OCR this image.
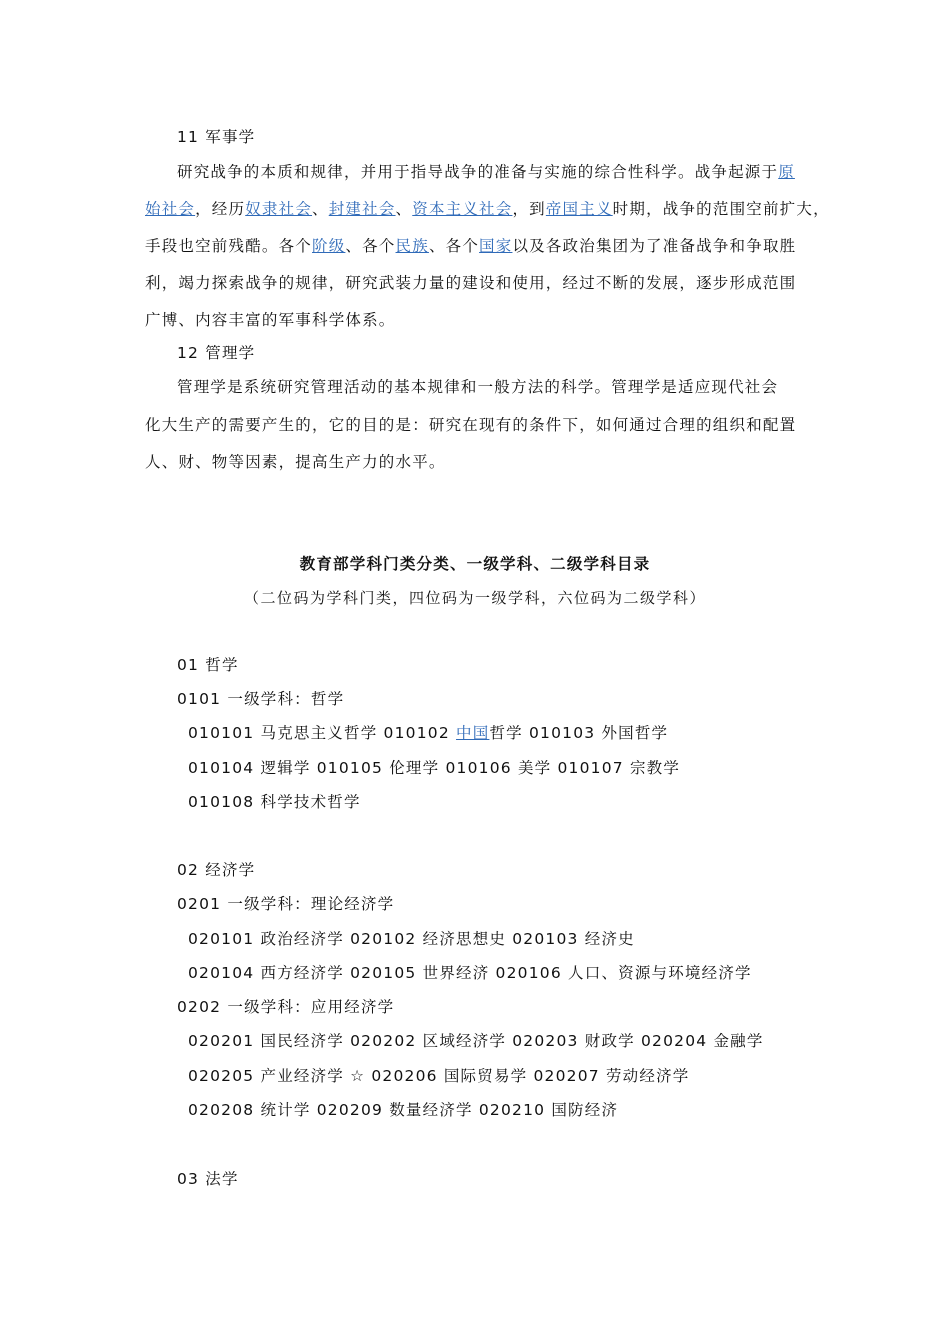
11 军事学
研究战争的本质和规律，并用于指导战争的准备与实施的综合性科学。战争起源于原
始社会，经历奴隶社会、封建社会、资本主义社会，到帝国主义时期，战争的范围空前扩大，
手段也空前残酷。各个阶级、各个民族、各个国家以及各政治集团为了准备战争和争取胜
利，竭力探索战争的规律，研究武装力量的建设和使用，经过不断的发展，逐步形成范围
广博、内容丰富的军事科学体系。
12 管理学
管理学是系统研究管理活动的基本规律和一般方法的科学。管理学是适应现代社会
化大生产的需要产生的，它的目的是：研究在现有的条件下，如何通过合理的组织和配置
人、财、物等因素，提高生产力的水平。
教育部学科门类分类、一级学科、二级学科目录
（二位码为学科门类，四位码为一级学科，六位码为二级学科）
01 哲学
0101 一级学科：哲学
010101 马克思主义哲学 010102 中国哲学 010103 外国哲学
010104 逻辑学 010105 伦理学 010106 美学 010107 宗教学
010108 科学技术哲学
02 经济学
0201 一级学科：理论经济学
020101 政治经济学 020102 经济思想史 020103 经济史
020104 西方经济学 020105 世界经济 020106 人口、资源与环境经济学
0202 一级学科：应用经济学
020201 国民经济学 020202 区域经济学 020203 财政学 020204 金融学
020205 产业经济学 ☆ 020206 国际贸易学 020207 劳动经济学
020208 统计学 020209 数量经济学 020210 国防经济
03 法学
